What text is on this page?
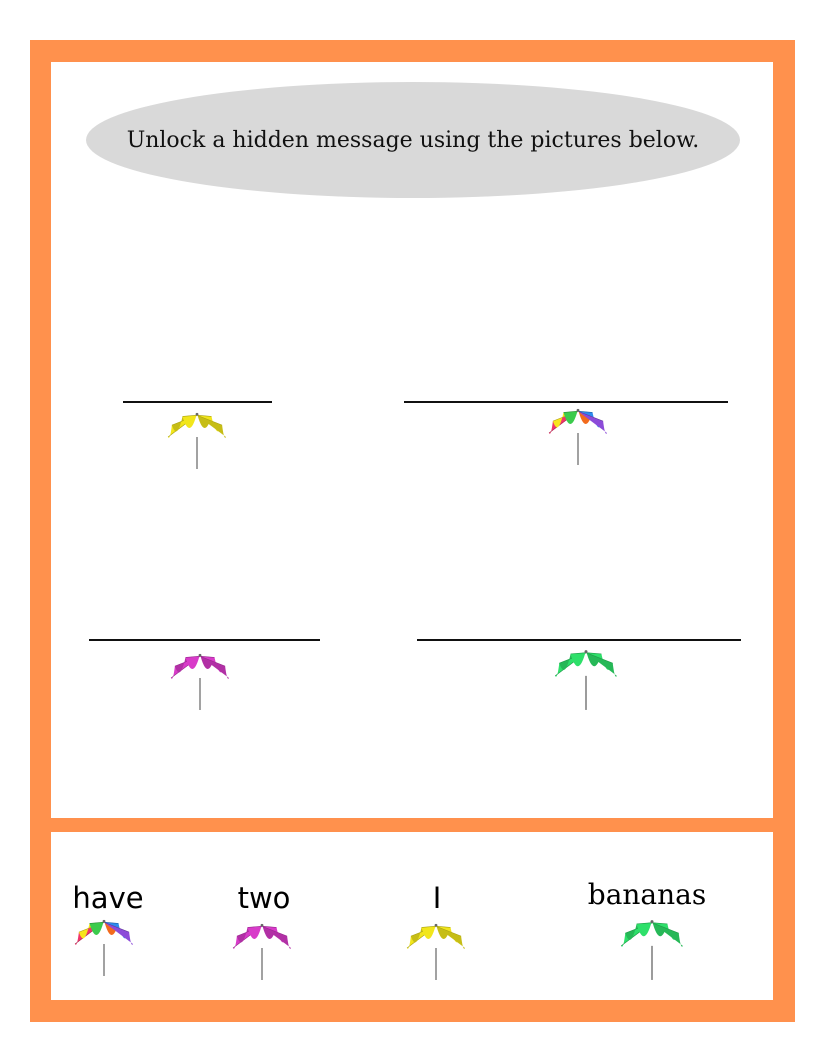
Unlock a hidden message using the pictures below.
have	two	I	bananas
